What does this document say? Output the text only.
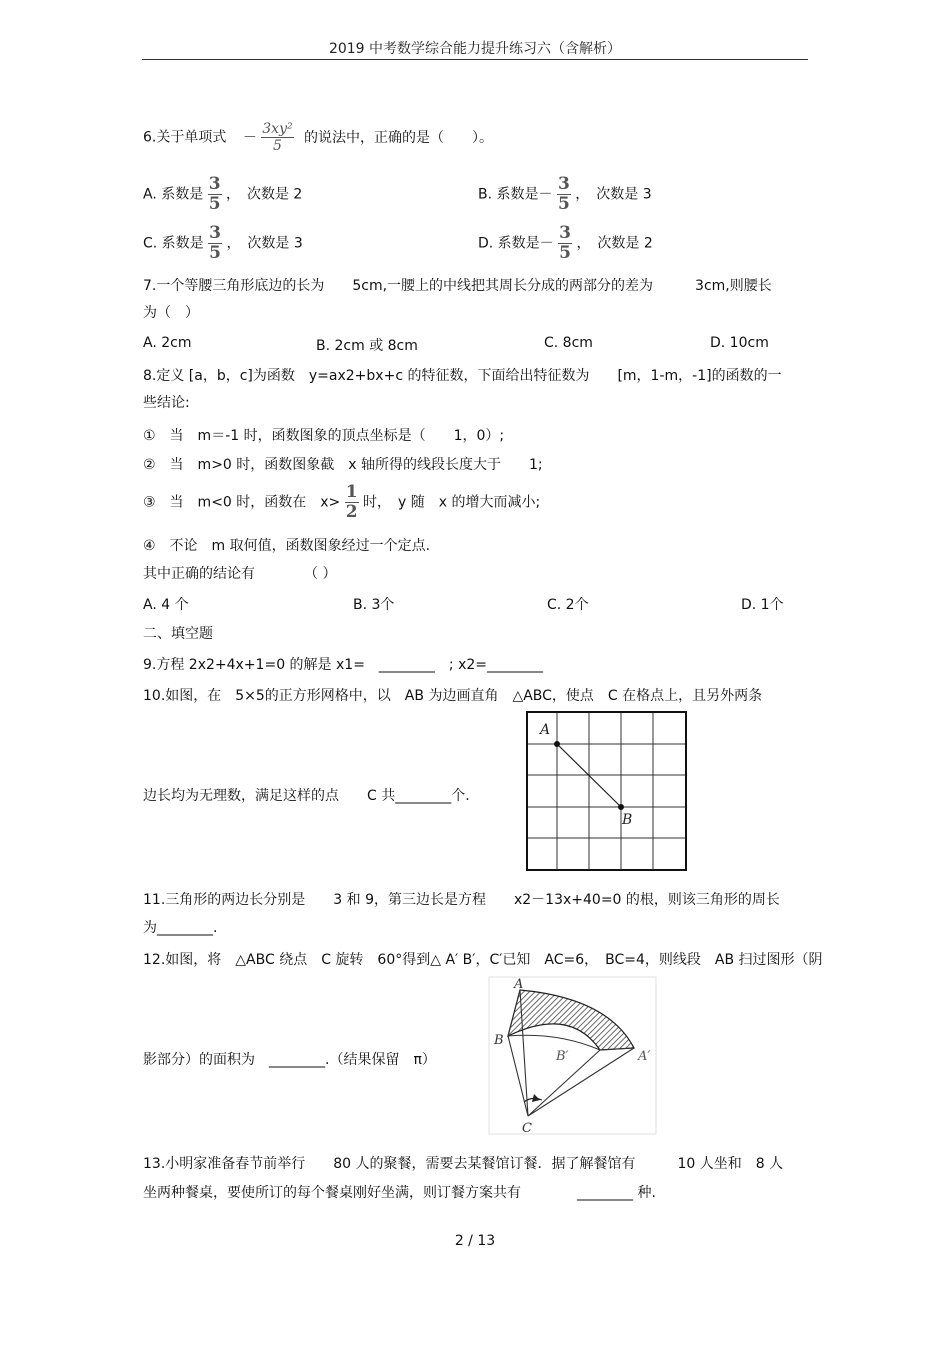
2019 中考数学综合能力提升练习六（含解析）
6.关于单项式 － $\frac{\text{3xy²}}{5}$ 的说法中，正确的是（　　）。
A. 系数是 $\frac{3}{5}$ ，　次数是 2	B. 系数是－ $\frac{3}{5}$ ，　次数是 3
C. 系数是 $\frac{3}{5}$ ，　次数是 3	D. 系数是－ $\frac{3}{5}$ ，　次数是 2
7.一个等腰三角形底边的长为　　5cm,一腰上的中线把其周长分成的两部分的差为　　　3cm,则腰长
为（　）
A. 2cm	B. 2cm 或 8cm	C. 8cm	D. 10cm
8.定义 [a，b，c]为函数　y=ax2+bx+c 的特征数，下面给出特征数为　　[m，1-m，-1]的函数的一
些结论:
①　当　m＝-1 时，函数图象的顶点坐标是（　　1，0）;
②　当　m>0 时，函数图象截　x 轴所得的线段长度大于　　1;
③　当　m<0 时，函数在　$x> \frac{1}{2}$ 时，　y 随　x 的增大而减小;
④　不论　m 取何值，函数图象经过一个定点.
其中正确的结论有　　　　（ ）
A. 4 个	B. 3个	C. 2个	D. 1个
二、填空题
9.方程 2x2+4x+1=0 的解是 x1=　________　; x2=________
10.如图，在　5×5的正方形网格中，以　AB 为边画直角　△ABC，使点　C 在格点上，且另外两条
边长均为无理数，满足这样的点　　C 共________个.
A
B
11.三角形的两边长分别是　　3 和 9，第三边长是方程　　x2－13x+40=0 的根，则该三角形的周长
为________.
12.如图，将　△ABC 绕点　C 旋转　60°得到△ A′ B′，C′已知　AC=6，　BC=4，则线段　AB 扫过图形（阴
影部分）的面积为　________.（结果保留　π）
A
B
B′	A′
C
13.小明家准备春节前举行　　80 人的聚餐，需要去某餐馆订餐．据了解餐馆有　　　10 人坐和　8 人
坐两种餐桌，要使所订的每个餐桌刚好坐满，则订餐方案共有　　　　________ 种.
2 / 13
